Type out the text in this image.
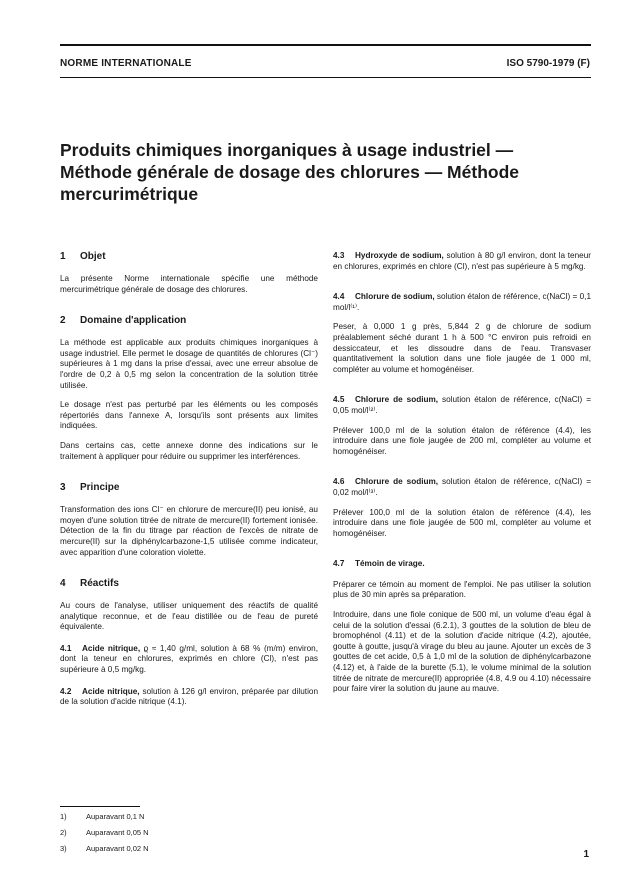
NORME INTERNATIONALE	ISO 5790-1979 (F)
Produits chimiques inorganiques à usage industriel —
Méthode générale de dosage des chlorures — Méthode
mercurimétrique
1 Objet

La présente Norme internationale spécifie une méthode mercurimétrique générale de dosage des chlorures.

2 Domaine d'application

La méthode est applicable aux produits chimiques inorganiques à usage industriel. Elle permet le dosage de quantités de chlorures (Cl⁻) supérieures à 1 mg dans la prise d'essai, avec une erreur absolue de l'ordre de 0,2 à 0,5 mg selon la concentration de la solution titrée utilisée.

Le dosage n'est pas perturbé par les éléments ou les composés répertoriés dans l'annexe A, lorsqu'ils sont présents aux limites indiquées.

Dans certains cas, cette annexe donne des indications sur le traitement à appliquer pour réduire ou supprimer les interférences.

3 Principe

Transformation des ions Cl⁻ en chlorure de mercure(II) peu ionisé, au moyen d'une solution titrée de nitrate de mercure(II) fortement ionisée. Détection de la fin du titrage par réaction de l'excès de nitrate de mercure(II) sur la diphénylcarbazone-1,5 utilisée comme indicateur, avec apparition d'une coloration violette.

4 Réactifs

Au cours de l'analyse, utiliser uniquement des réactifs de qualité analytique reconnue, et de l'eau distillée ou de l'eau de pureté équivalente.

4.1 Acide nitrique, ϱ ≈ 1,40 g/ml, solution à 68 % (m/m) environ, dont la teneur en chlorures, exprimés en chlore (Cl), n'est pas supérieure à 0,5 mg/kg.

4.2 Acide nitrique, solution à 126 g/l environ, préparée par dilution de la solution d'acide nitrique (4.1).

4.3 Hydroxyde de sodium, solution à 80 g/l environ, dont la teneur en chlorures, exprimés en chlore (Cl), n'est pas supérieure à 5 mg/kg.

4.4 Chlorure de sodium, solution étalon de référence, c(NaCl) = 0,1 mol/l⁽¹⁾.

Peser, à 0,000 1 g près, 5,844 2 g de chlorure de sodium préalablement séché durant 1 h à 500 °C environ puis refroidi en dessiccateur, et les dissoudre dans de l'eau. Transvaser quantitativement la solution dans une fiole jaugée de 1 000 ml, compléter au volume et homogénéiser.

4.5 Chlorure de sodium, solution étalon de référence, c(NaCl) = 0,05 mol/l⁽²⁾.

Prélever 100,0 ml de la solution étalon de référence (4.4), les introduire dans une fiole jaugée de 200 ml, compléter au volume et homogénéiser.

4.6 Chlorure de sodium, solution étalon de référence, c(NaCl) = 0,02 mol/l⁽³⁾.

Prélever 100,0 ml de la solution étalon de référence (4.4), les introduire dans une fiole jaugée de 500 ml, compléter au volume et homogénéiser.

4.7 Témoin de virage.

Préparer ce témoin au moment de l'emploi. Ne pas utiliser la solution plus de 30 min après sa préparation.

Introduire, dans une fiole conique de 500 ml, un volume d'eau égal à celui de la solution d'essai (6.2.1), 3 gouttes de la solution de bleu de bromophénol (4.11) et de la solution d'acide nitrique (4.2), ajoutée, goutte à goutte, jusqu'à virage du bleu au jaune. Ajouter un excès de 3 gouttes de cet acide, 0,5 à 1,0 ml de la solution de diphénylcarbazone (4.12) et, à l'aide de la burette (5.1), le volume minimal de la solution titrée de nitrate de mercure(II) appropriée (4.8, 4.9 ou 4.10) nécessaire pour faire virer la solution du jaune au mauve.

1)	Auparavant 0,1 N
2)	Auparavant 0,05 N
3)	Auparavant 0,02 N
1
